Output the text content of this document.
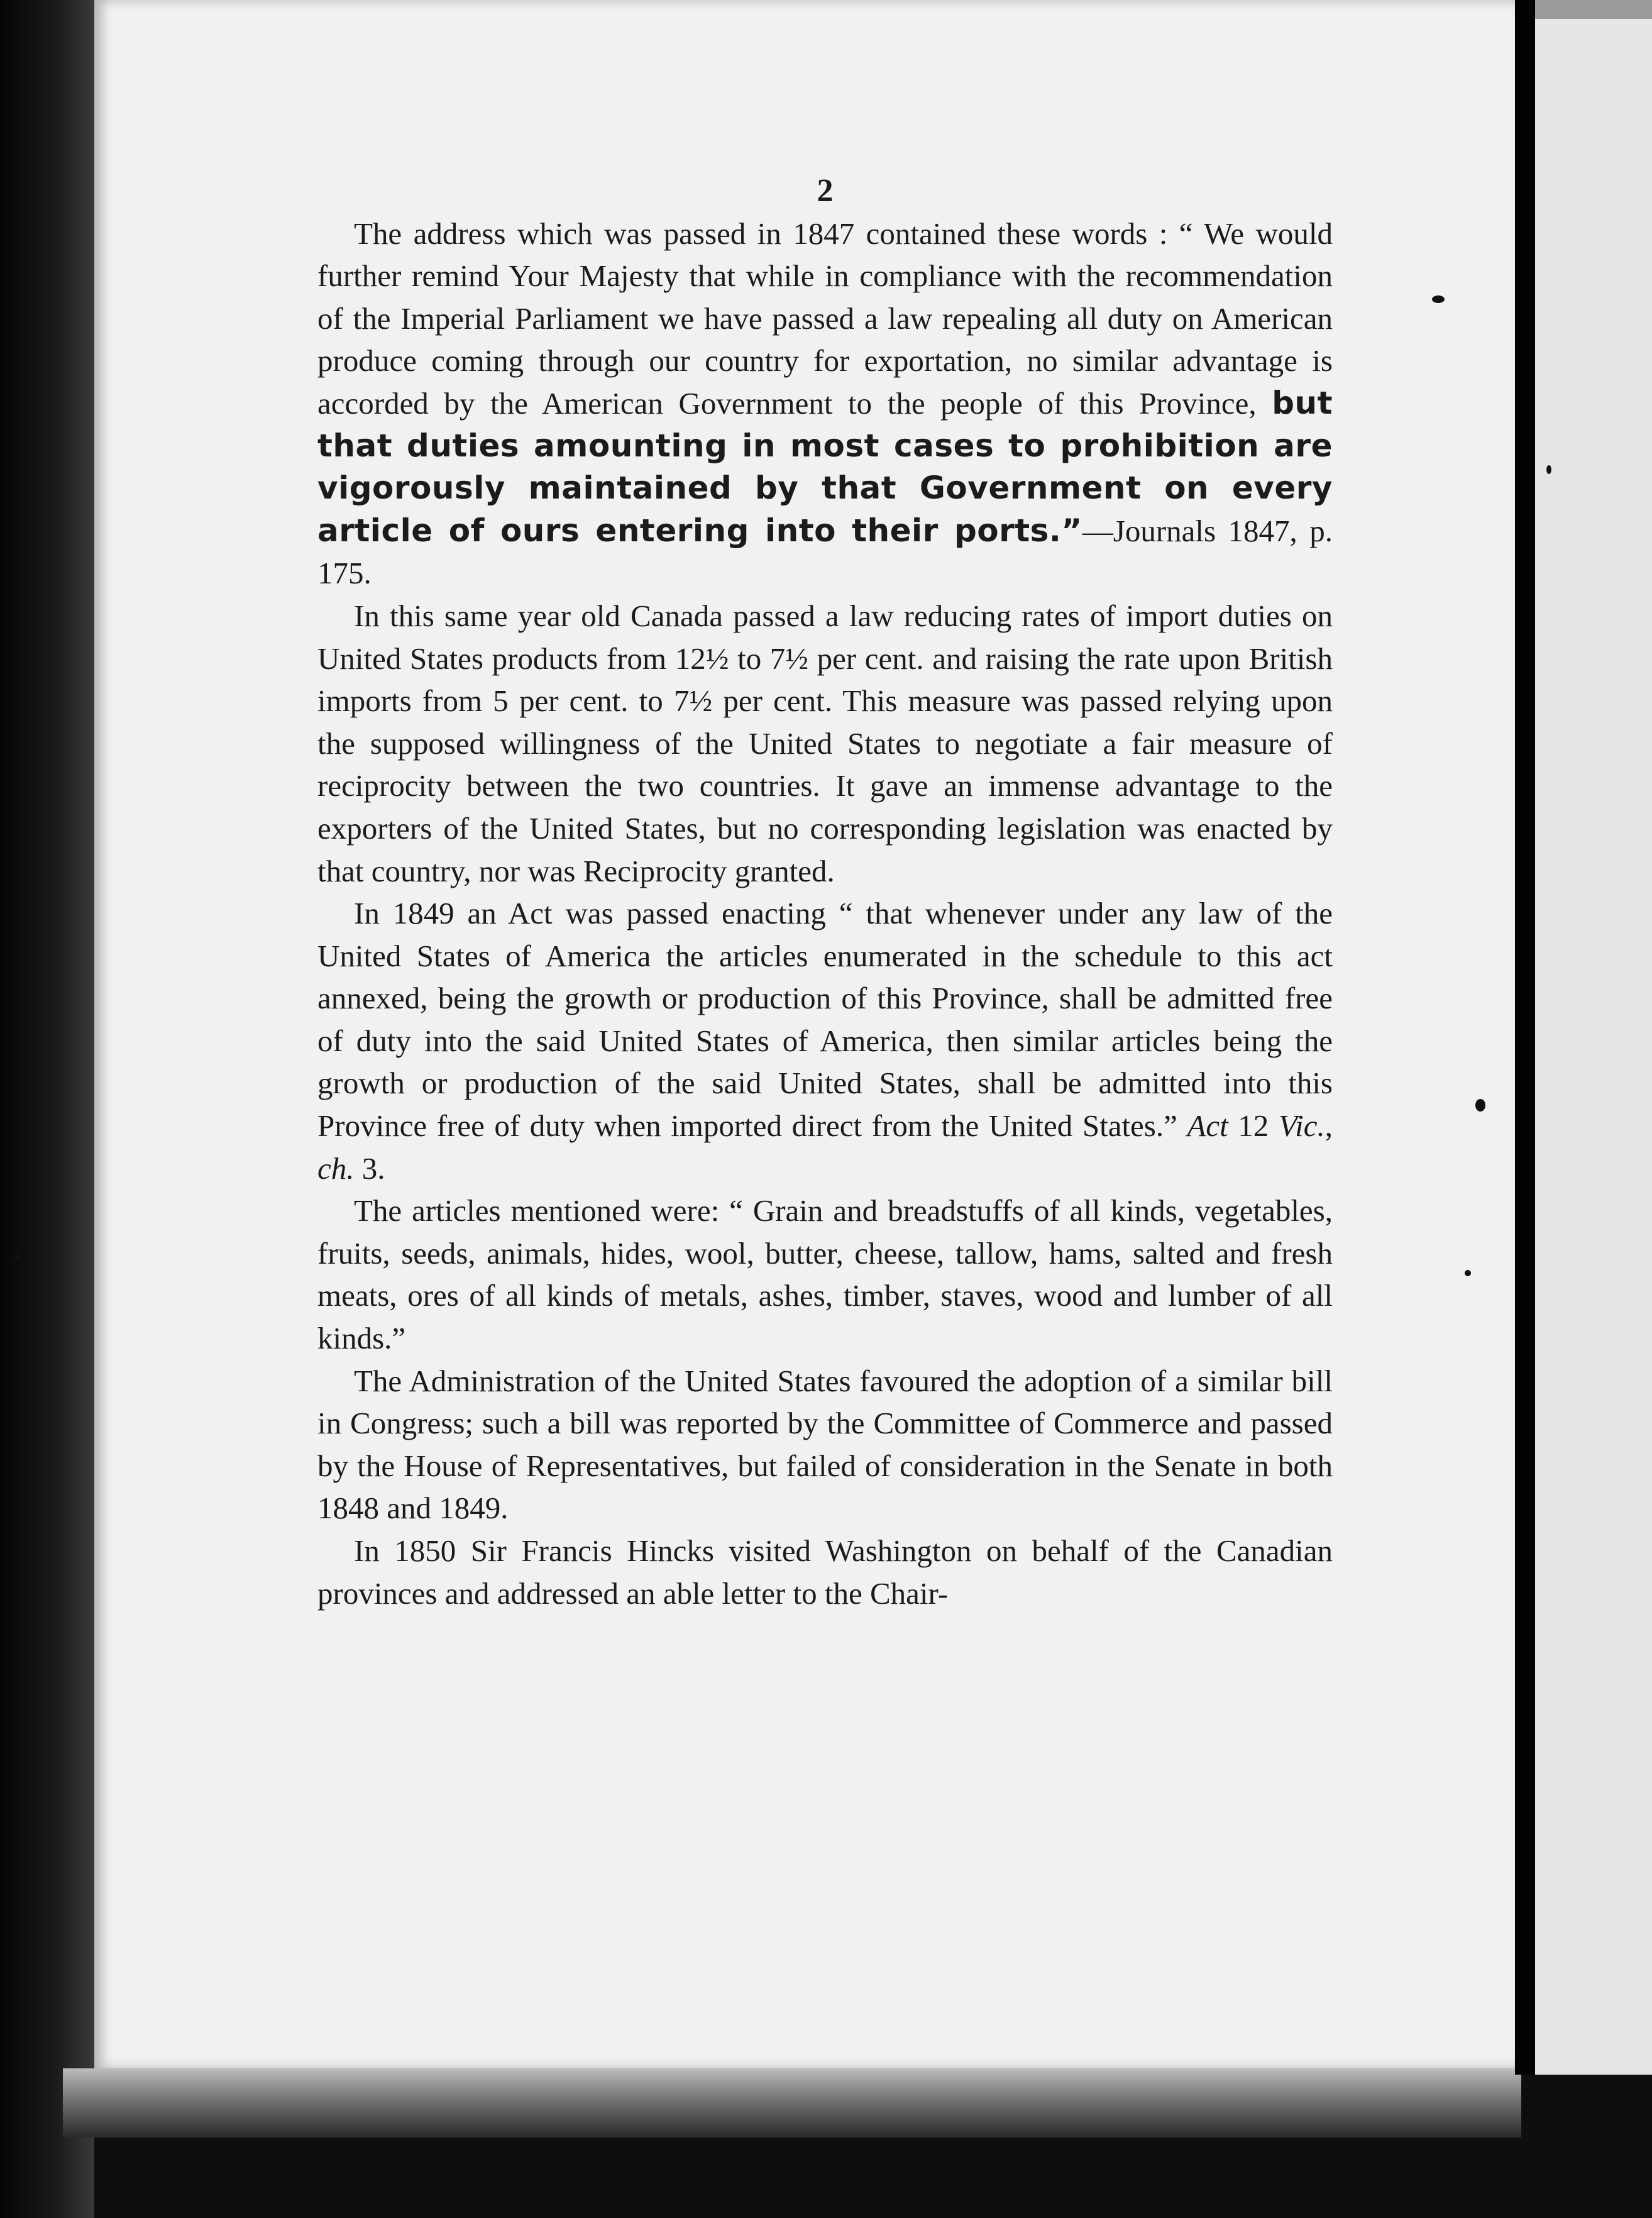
2

The address which was passed in 1847 contained these words : “ We would further remind Your Majesty that while in compliance with the recommendation of the Imperial Parliament we have passed a law repealing all duty on American produce coming through our country for exportation, no similar advantage is accorded by the American Government to the people of this Province, but that duties amounting in most cases to prohibition are vigorously maintained by that Government on every article of ours entering into their ports.”—Journals 1847, p. 175.

In this same year old Canada passed a law reducing rates of import duties on United States products from 12½ to 7½ per cent. and raising the rate upon British imports from 5 per cent. to 7½ per cent. This measure was passed relying upon the supposed willingness of the United States to negotiate a fair measure of reciprocity between the two countries. It gave an immense advantage to the exporters of the United States, but no corresponding legislation was enacted by that country, nor was Reciprocity granted.

In 1849 an Act was passed enacting “ that whenever under any law of the United States of America the articles enumerated in the schedule to this act annexed, being the growth or production of this Province, shall be admitted free of duty into the said United States of America, then similar articles being the growth or production of the said United States, shall be admitted into this Province free of duty when imported direct from the United States.” Act 12 Vic., ch. 3.

The articles mentioned were: “ Grain and breadstuffs of all kinds, vegetables, fruits, seeds, animals, hides, wool, butter, cheese, tallow, hams, salted and fresh meats, ores of all kinds of metals, ashes, timber, staves, wood and lumber of all kinds.”

The Administration of the United States favoured the adoption of a similar bill in Congress; such a bill was reported by the Committee of Commerce and passed by the House of Representatives, but failed of consideration in the Senate in both 1848 and 1849.

In 1850 Sir Francis Hincks visited Washington on behalf of the Canadian provinces and addressed an able letter to the Chair-
